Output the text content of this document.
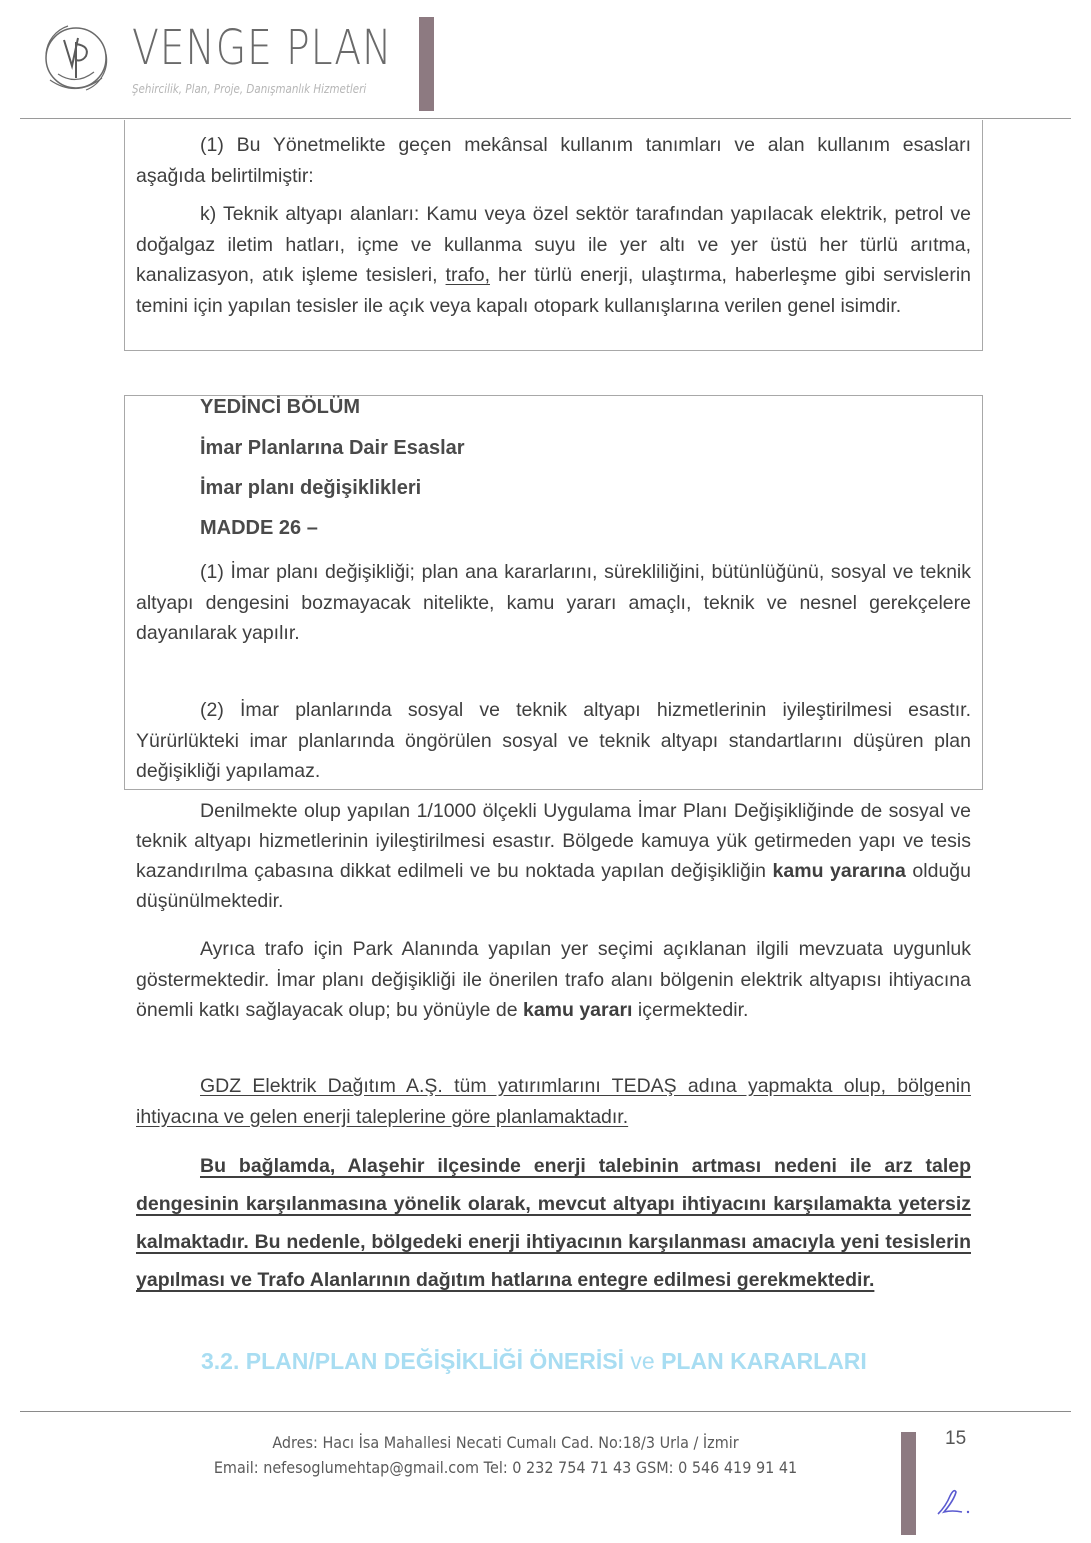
VENGE PLAN
Şehircilik, Plan, Proje, Danışmanlık Hizmetleri

(1) Bu Yönetmelikte geçen mekânsal kullanım tanımları ve alan kullanım esasları aşağıda belirtilmiştir:

k) Teknik altyapı alanları: Kamu veya özel sektör tarafından yapılacak elektrik, petrol ve doğalgaz iletim hatları, içme ve kullanma suyu ile yer altı ve yer üstü her türlü arıtma, kanalizasyon, atık işleme tesisleri, trafo, her türlü enerji, ulaştırma, haberleşme gibi servislerin temini için yapılan tesisler ile açık veya kapalı otopark kullanışlarına verilen genel isimdir.

YEDİNCİ BÖLÜM
İmar Planlarına Dair Esaslar
İmar planı değişiklikleri
MADDE 26 –

(1) İmar planı değişikliği; plan ana kararlarını, sürekliliğini, bütünlüğünü, sosyal ve teknik altyapı dengesini bozmayacak nitelikte, kamu yararı amaçlı, teknik ve nesnel gerekçelere dayanılarak yapılır.

(2) İmar planlarında sosyal ve teknik altyapı hizmetlerinin iyileştirilmesi esastır. Yürürlükteki imar planlarında öngörülen sosyal ve teknik altyapı standartlarını düşüren plan değişikliği yapılamaz.

Denilmekte olup yapılan 1/1000 ölçekli Uygulama İmar Planı Değişikliğinde de sosyal ve teknik altyapı hizmetlerinin iyileştirilmesi esastır. Bölgede kamuya yük getirmeden yapı ve tesis kazandırılma çabasına dikkat edilmeli ve bu noktada yapılan değişikliğin kamu yararına olduğu düşünülmektedir.

Ayrıca trafo için Park Alanında yapılan yer seçimi açıklanan ilgili mevzuata uygunluk göstermektedir. İmar planı değişikliği ile önerilen trafo alanı bölgenin elektrik altyapısı ihtiyacına önemli katkı sağlayacak olup; bu yönüyle de kamu yararı içermektedir.

GDZ Elektrik Dağıtım A.Ş. tüm yatırımlarını TEDAŞ adına yapmakta olup, bölgenin ihtiyacına ve gelen enerji taleplerine göre planlamaktadır.

Bu bağlamda, Alaşehir ilçesinde enerji talebinin artması nedeni ile arz talep dengesinin karşılanmasına yönelik olarak, mevcut altyapı ihtiyacını karşılamakta yetersiz kalmaktadır. Bu nedenle, bölgedeki enerji ihtiyacının karşılanması amacıyla yeni tesislerin yapılması ve Trafo Alanlarının dağıtım hatlarına entegre edilmesi gerekmektedir.

3.2. PLAN/PLAN DEĞİŞİKLİĞİ ÖNERİSİ ve PLAN KARARLARI
Adres: Hacı İsa Mahallesi Necati Cumalı Cad. No:18/3 Urla / İzmir
Email: nefesoglumehtap@gmail.com Tel: 0 232 754 71 43 GSM: 0 546 419 91 41
15
